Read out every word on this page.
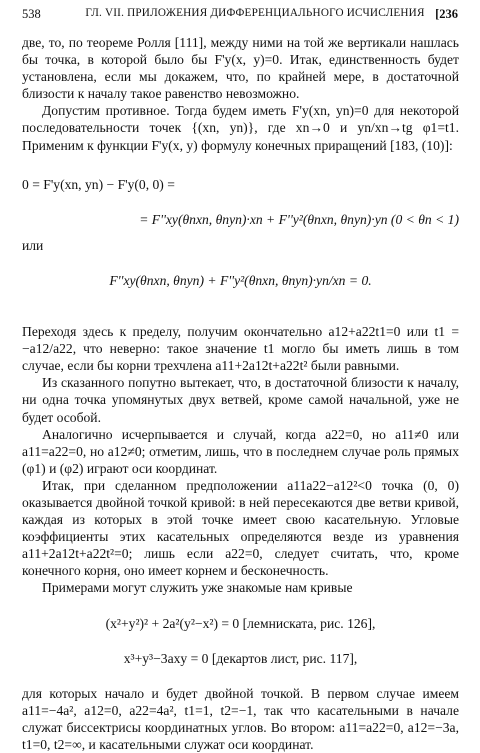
538	ГЛ. VII. ПРИЛОЖЕНИЯ ДИФФЕРЕНЦИАЛЬНОГО ИСЧИСЛЕНИЯ [236

две, то, по теореме Ролля [111], между ними на той же вертикали нашлась бы точка, в которой было бы F'y(x, y)=0. Итак, единственность будет установлена, если мы докажем, что, по крайней мере, в достаточной близости к началу такое равенство невозможно.

Допустим противное. Тогда будем иметь F'y(xn, yn)=0 для некоторой последовательности точек {(xn, yn)}, где xn→0 и yn/xn→tg φ1=t1. Применим к функции F'y(x, y) формулу конечных приращений [183, (10)]:

0 = F'y(xn, yn) − F'y(0, 0) =
= F''xy(θnxn, θnyn)·xn + F''y²(θnxn, θnyn)·yn (0 < θn < 1)
или
F''xy(θnxn, θnyn) + F''y²(θnxn, θnyn)·yn/xn = 0.

Переходя здесь к пределу, получим окончательно a12+a22t1=0 или t1 = −a12/a22, что неверно: такое значение t1 могло бы иметь лишь в том случае, если бы корни трехчлена a11+2a12t+a22t² были равными.

Из сказанного попутно вытекает, что, в достаточной близости к началу, ни одна точка упомянутых двух ветвей, кроме самой начальной, уже не будет особой.

Аналогично исчерпывается и случай, когда a22=0, но a11≠0 или a11=a22=0, но a12≠0; отметим, лишь, что в последнем случае роль прямых (φ1) и (φ2) играют оси координат.

Итак, при сделанном предположении a11a22−a12²<0 точка (0, 0) оказывается двойной точкой кривой: в ней пересекаются две ветви кривой, каждая из которых в этой точке имеет свою касательную. Угловые коэффициенты этих касательных определяются везде из уравнения a11+2a12t+a22t²=0; лишь если a22=0, следует считать, что, кроме конечного корня, оно имеет корнем и бесконечность.

Примерами могут служить уже знакомые нам кривые

(x²+y²)² + 2a²(y²−x²) = 0 [лемниската, рис. 126],
x³+y³−3axy = 0 [декартов лист, рис. 117],

для которых начало и будет двойной точкой. В первом случае имеем a11=−4a², a12=0, a22=4a², t1=1, t2=−1, так что касательными в начале служат биссектрисы координатных углов. Во втором: a11=a22=0, a12=−3a, t1=0, t2=∞, и касательными служат оси координат.
